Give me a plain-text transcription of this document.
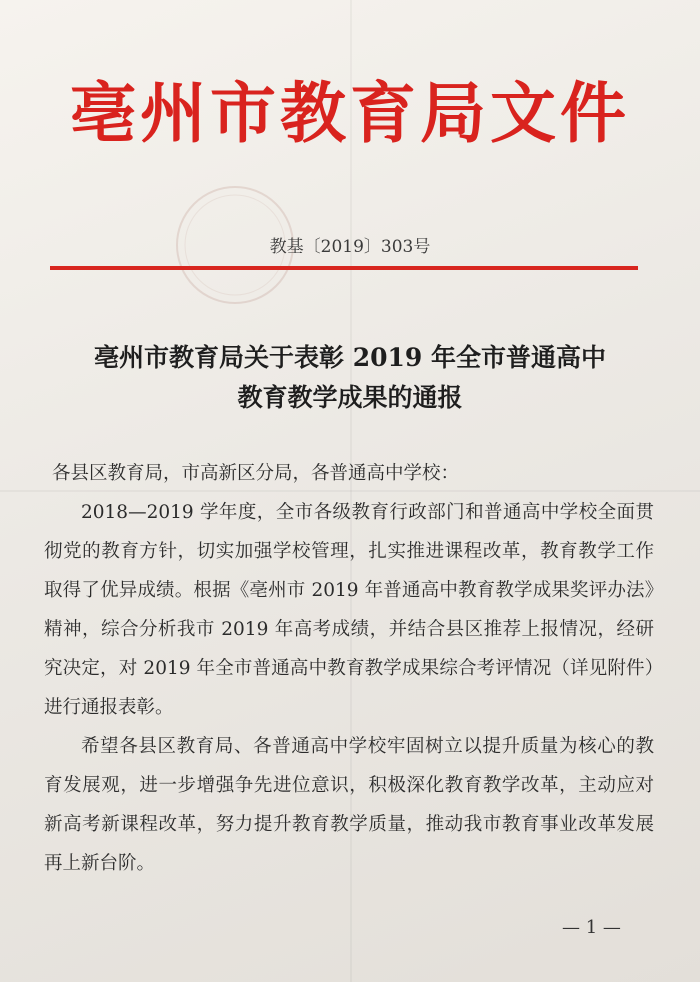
亳州市教育局文件
教基〔2019〕303号
亳州市教育局关于表彰 2019 年全市普通高中
教育教学成果的通报

各县区教育局，市高新区分局，各普通高中学校：

2018—2019 学年度，全市各级教育行政部门和普通高中学校全面贯彻党的教育方针，切实加强学校管理，扎实推进课程改革，教育教学工作取得了优异成绩。根据《亳州市 2019 年普通高中教育教学成果奖评办法》精神，综合分析我市 2019 年高考成绩，并结合县区推荐上报情况，经研究决定，对 2019 年全市普通高中教育教学成果综合考评情况（详见附件）进行通报表彰。

希望各县区教育局、各普通高中学校牢固树立以提升质量为核心的教育发展观，进一步增强争先进位意识，积极深化教育教学改革，主动应对新高考新课程改革，努力提升教育教学质量，推动我市教育事业改革发展再上新台阶。

— 1 —
